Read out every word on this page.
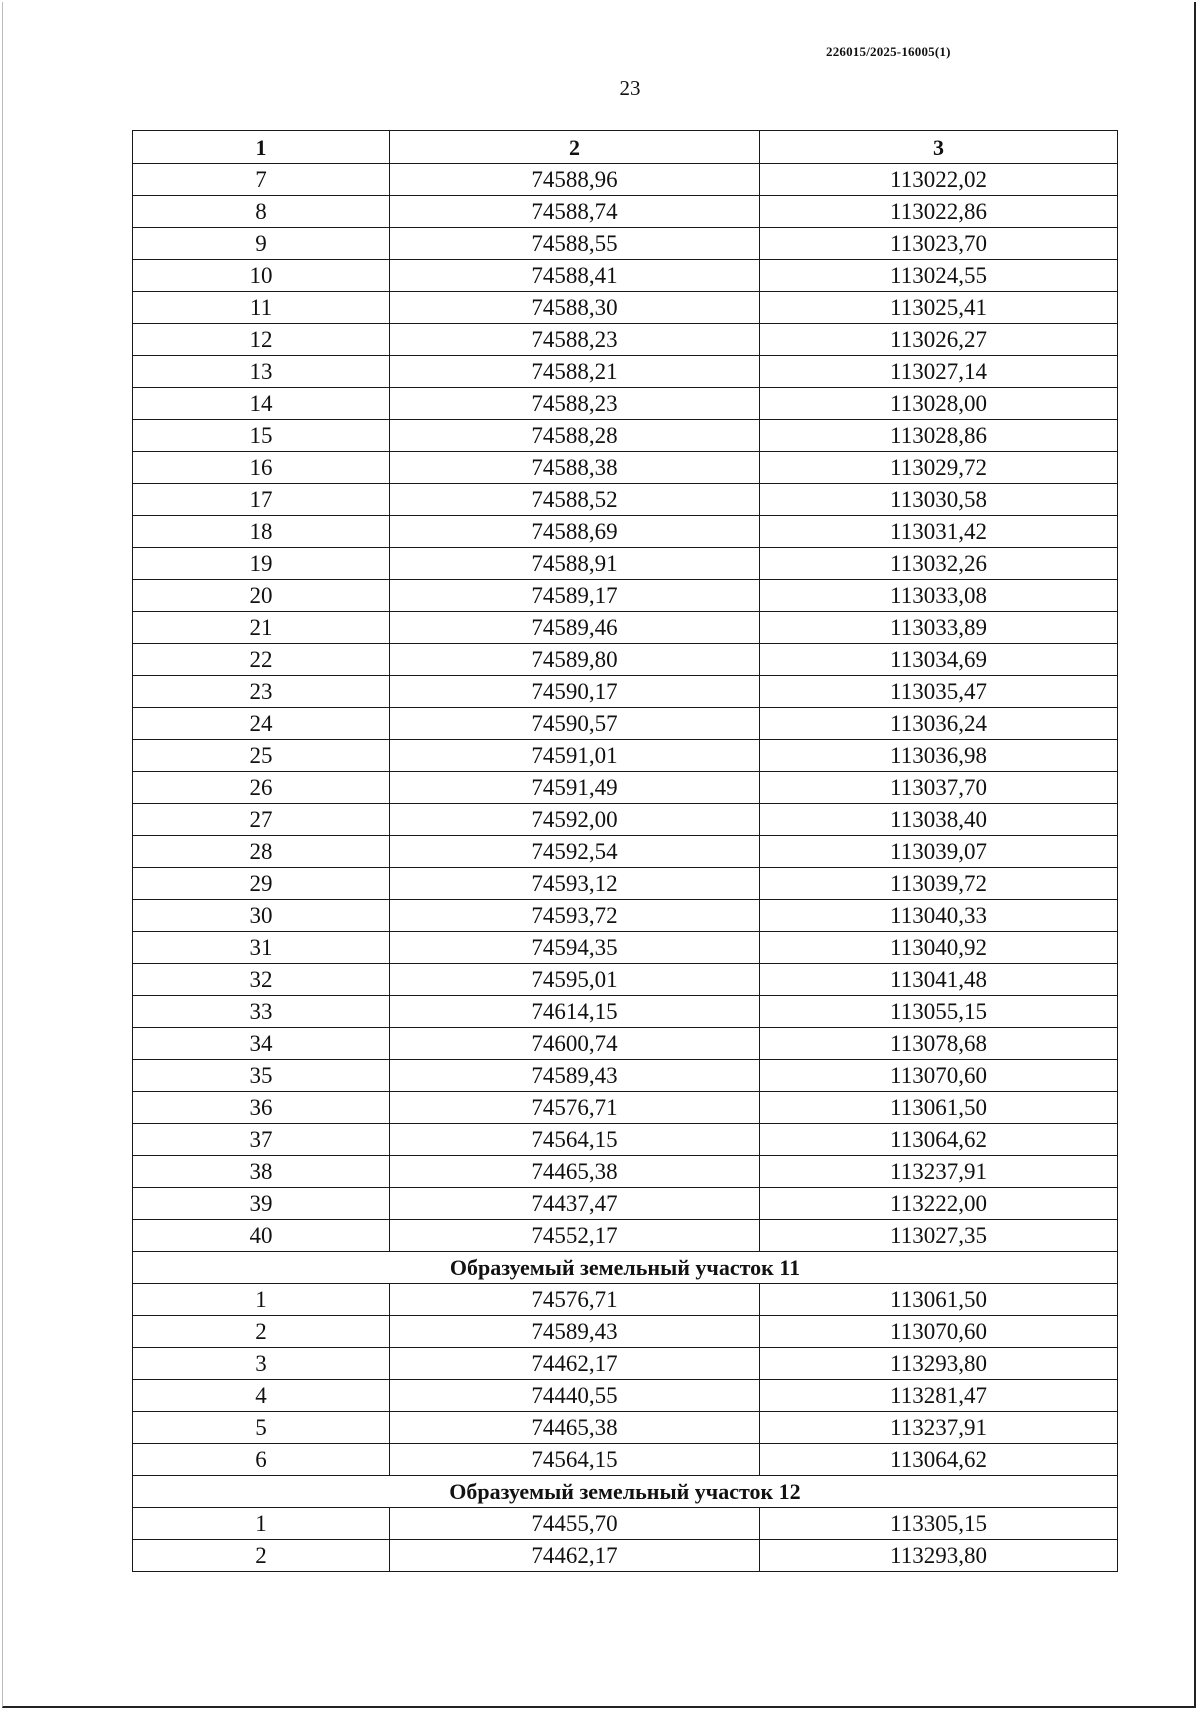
226015/2025-16005(1)
23
1	2	3
7	74588,96	113022,02
8	74588,74	113022,86
9	74588,55	113023,70
10	74588,41	113024,55
11	74588,30	113025,41
12	74588,23	113026,27
13	74588,21	113027,14
14	74588,23	113028,00
15	74588,28	113028,86
16	74588,38	113029,72
17	74588,52	113030,58
18	74588,69	113031,42
19	74588,91	113032,26
20	74589,17	113033,08
21	74589,46	113033,89
22	74589,80	113034,69
23	74590,17	113035,47
24	74590,57	113036,24
25	74591,01	113036,98
26	74591,49	113037,70
27	74592,00	113038,40
28	74592,54	113039,07
29	74593,12	113039,72
30	74593,72	113040,33
31	74594,35	113040,92
32	74595,01	113041,48
33	74614,15	113055,15
34	74600,74	113078,68
35	74589,43	113070,60
36	74576,71	113061,50
37	74564,15	113064,62
38	74465,38	113237,91
39	74437,47	113222,00
40	74552,17	113027,35
Образуемый земельный участок 11		
1	74576,71	113061,50
2	74589,43	113070,60
3	74462,17	113293,80
4	74440,55	113281,47
5	74465,38	113237,91
6	74564,15	113064,62
Образуемый земельный участок 12		
1	74455,70	113305,15
2	74462,17	113293,80
